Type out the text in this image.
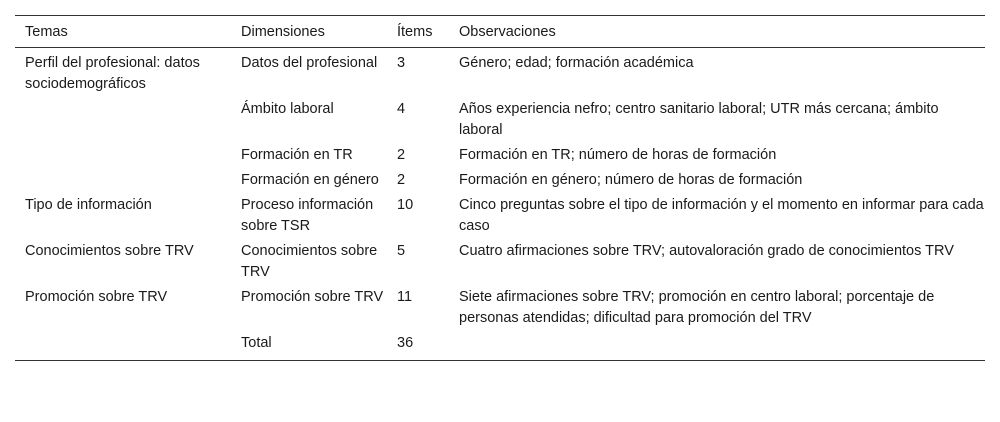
Temas	Dimensiones	Ítems	Observaciones
Perfil del profesional: datos sociodemográficos	Datos del profesional	3	Género; edad; formación académica
	Ámbito laboral	4	Años experiencia nefro; centro sanitario laboral; UTR más cercana; ámbito laboral
	Formación en TR	2	Formación en TR; número de horas de formación
	Formación en género	2	Formación en género; número de horas de formación
Tipo de información	Proceso información sobre TSR	10	Cinco preguntas sobre el tipo de información y el momento en informar para cada caso
Conocimientos sobre TRV	Conocimientos sobre TRV	5	Cuatro afirmaciones sobre TRV; autovaloración grado de conocimientos TRV
Promoción sobre TRV	Promoción sobre TRV	11	Siete afirmaciones sobre TRV; promoción en centro laboral; porcentaje de personas atendidas; dificultad para promoción del TRV
	Total	36	
